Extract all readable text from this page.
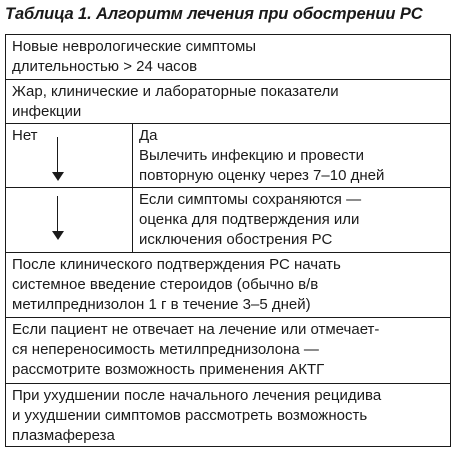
Таблица 1. Алгоритм лечения при обострении РС
Новые неврологические симптомы
длительностью > 24 часов
Жар, клинические и лабораторные показатели
инфекции
Нет	Да
Вылечить инфекцию и провести
повторную оценку через 7–10 дней
Если симптомы сохраняются —
оценка для подтверждения или
исключения обострения РС
После клинического подтверждения РС начать
системное введение стероидов (обычно в/в
метилпреднизолон 1 г в течение 3–5 дней)
Если пациент не отвечает на лечение или отмечает-
ся непереносимость метилпреднизолона —
рассмотрите возможность применения АКТГ
При ухудшении после начального лечения рецидива
и ухудшении симптомов рассмотреть возможность
плазмафереза
